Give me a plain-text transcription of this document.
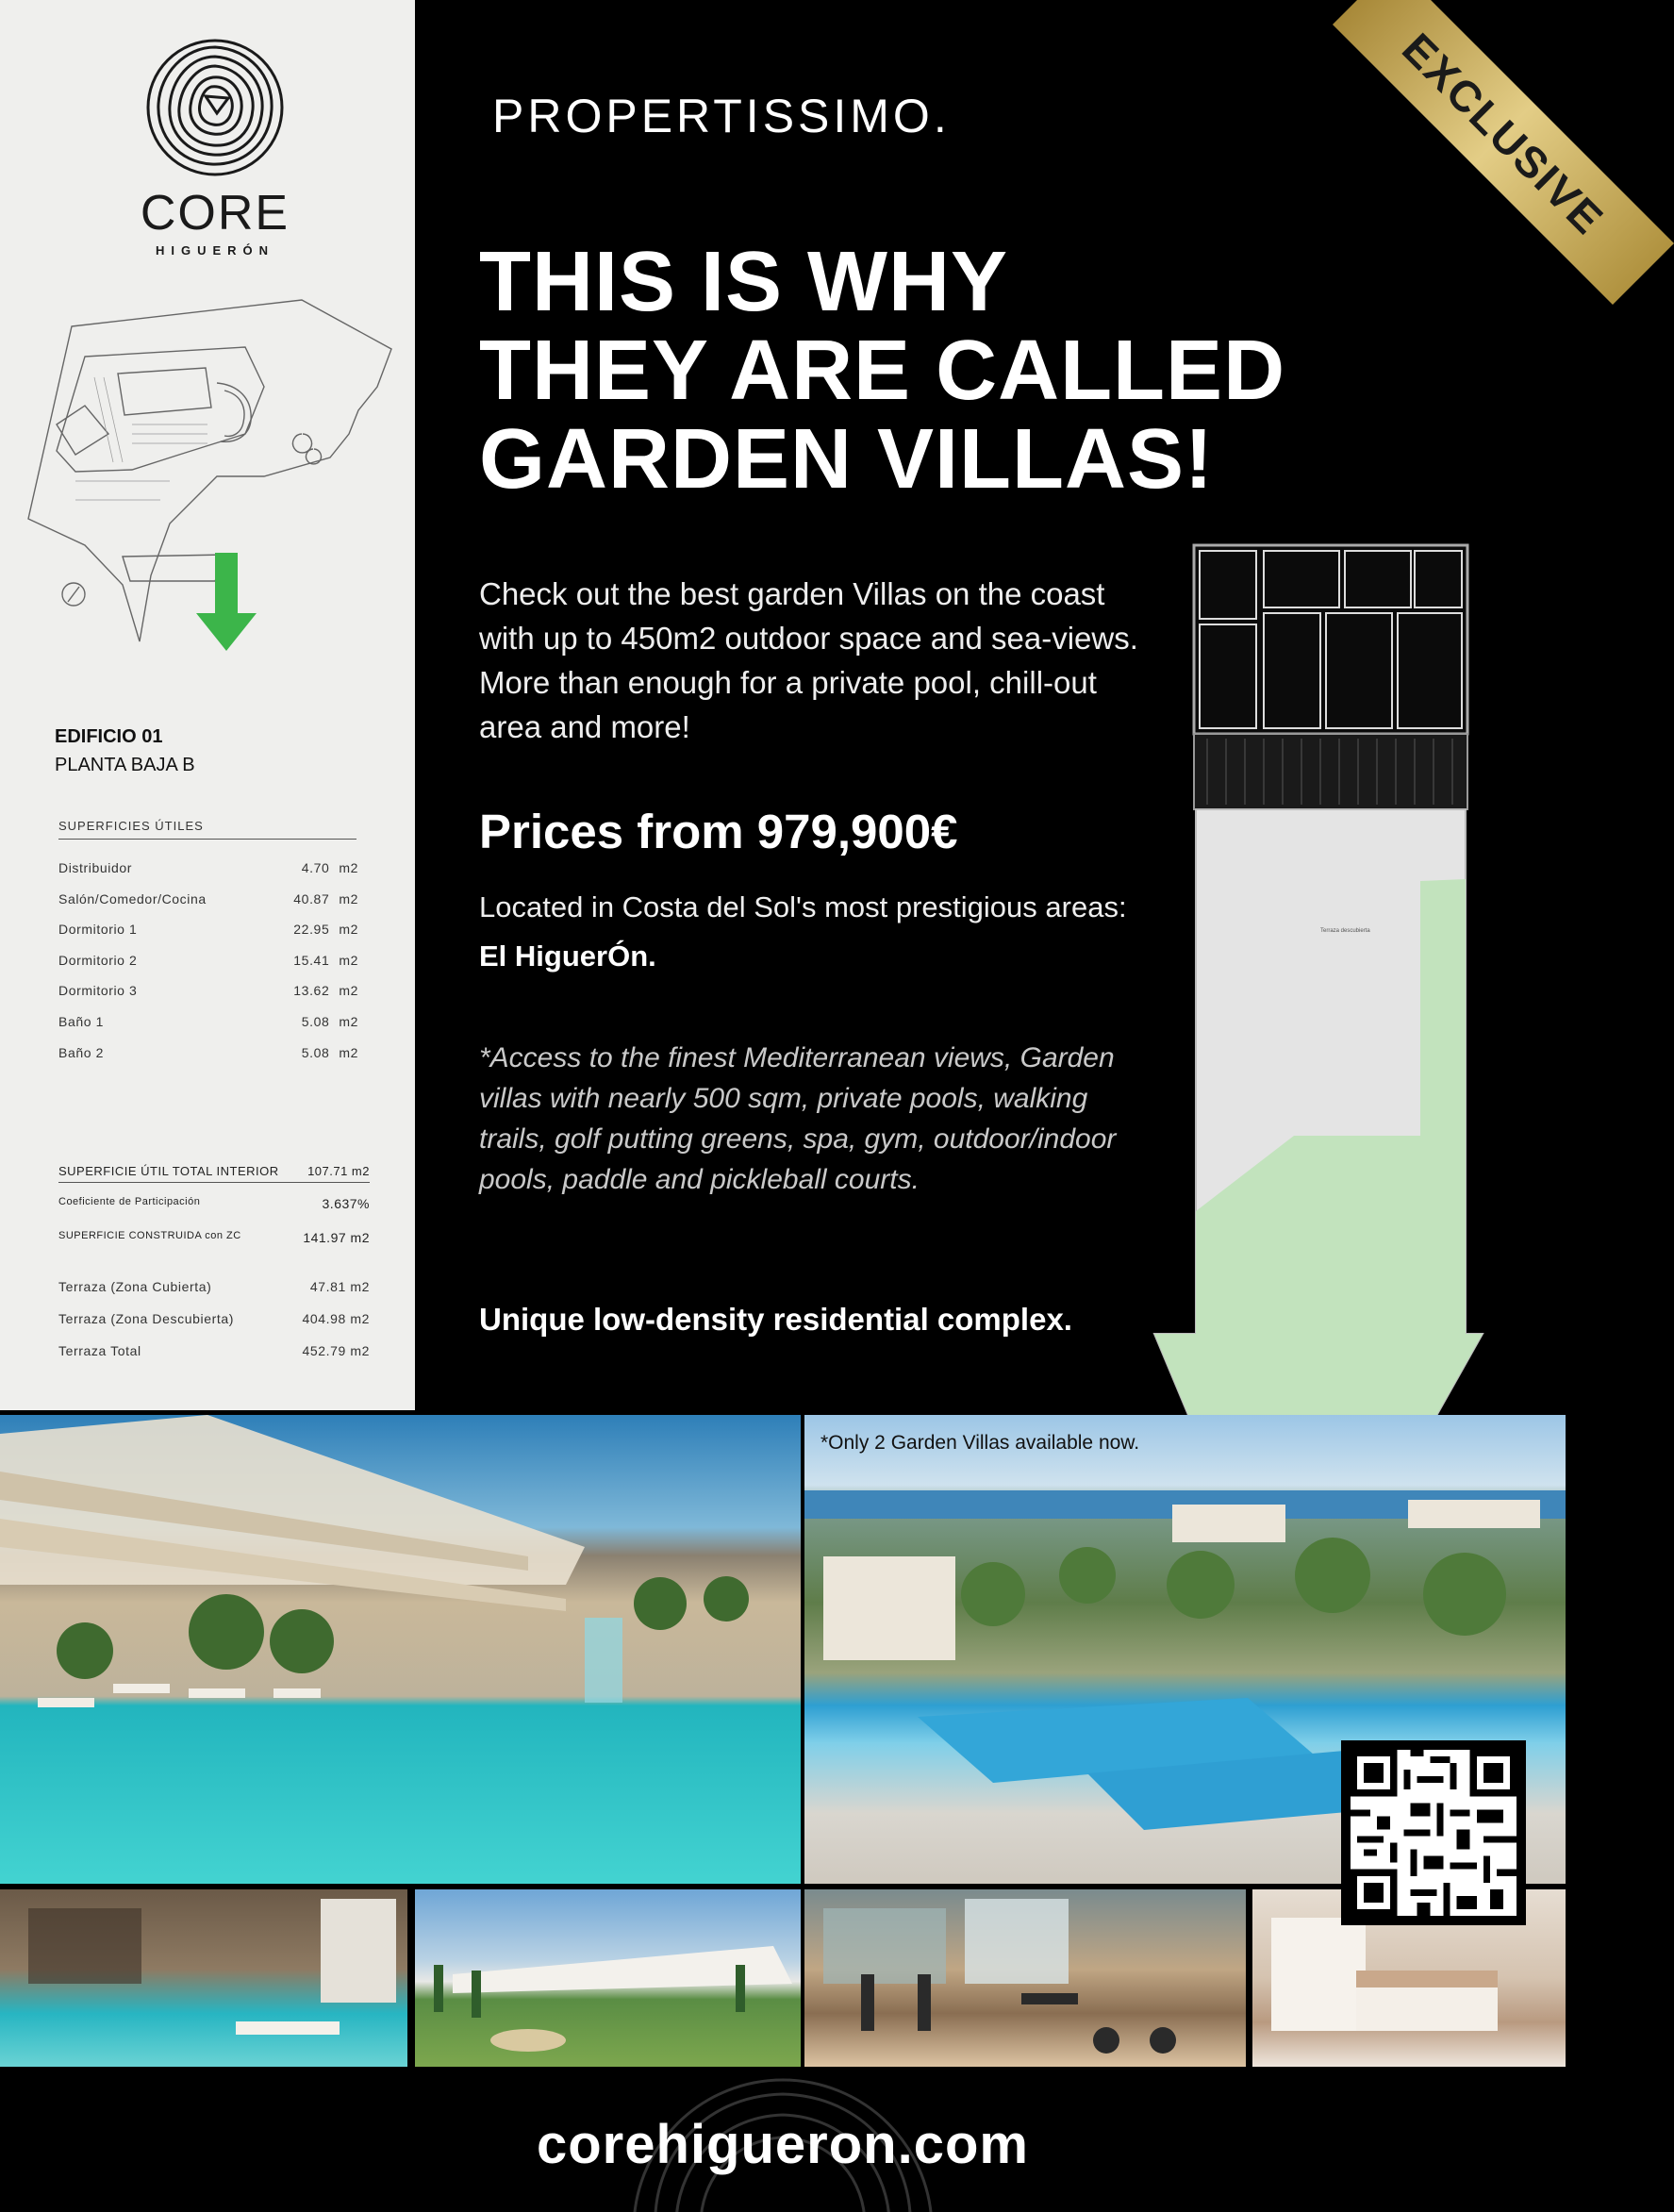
CORE
HIGUERÓN
EDIFICIO 01
PLANTA BAJA B
SUPERFICIES ÚTILES
Distribuidor	4.70 m2
Salón/Comedor/Cocina	40.87 m2
Dormitorio 1	22.95 m2
Dormitorio 2	15.41 m2
Dormitorio 3	13.62 m2
Baño 1	5.08 m2
Baño 2	5.08 m2
SUPERFICIE ÚTIL TOTAL INTERIOR 107.71 m2
Coeficiente de Participación	3.637%
SUPERFICIE CONSTRUIDA con ZC	141.97 m2
Terraza (Zona Cubierta)	47.81 m2
Terraza (Zona Descubierta)	404.98 m2
Terraza Total	452.79 m2
PROPERTISSIMO.	EXCLUSIVE
THIS IS WHY
THEY ARE CALLED
GARDEN VILLAS!
Check out the best garden Villas on the coast with up to 450m2 outdoor space and sea-views. More than enough for a private pool, chill-out area and more!
Prices from 979,900€
Located in Costa del Sol's most prestigious areas: El HiguerÓn.
*Access to the finest Mediterranean views, Garden villas with nearly 500 sqm, private pools, walking trails, golf putting greens, spa, gym, outdoor/indoor pools, paddle and pickleball courts.
Unique low-density residential complex.
Terraza descubierta
*Only 2 Garden Villas available now.
corehigueron.com
